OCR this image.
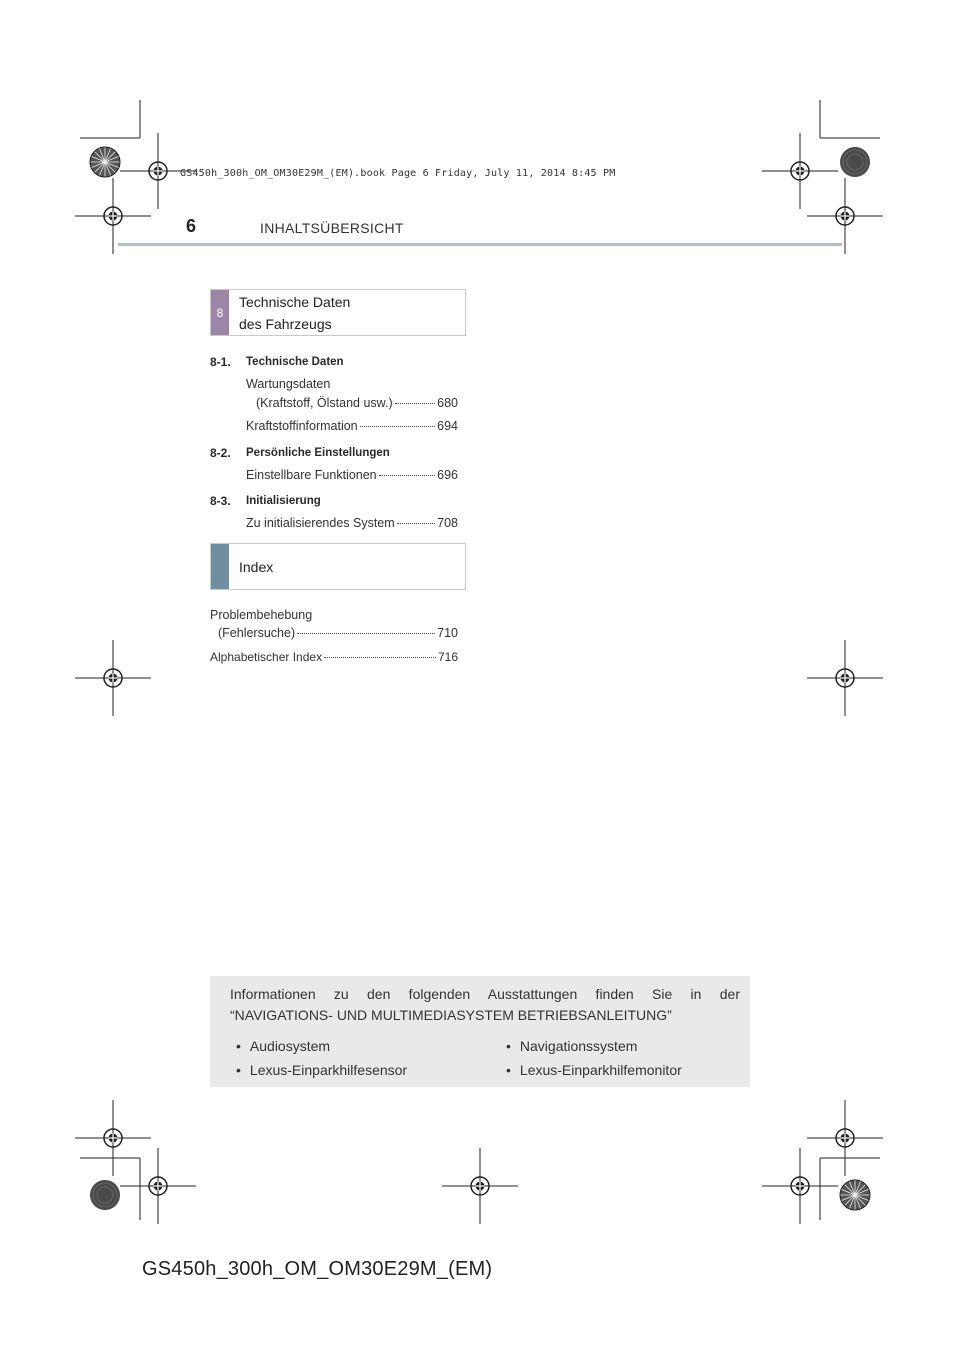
GS450h_300h_OM_OM30E29M_(EM).book Page 6 Friday, July 11, 2014 8:45 PM
6	INHALTSÜBERSICHT
8
Technische Daten
des Fahrzeugs
8-1. Technische Daten
Wartungsdaten
(Kraftstoff, Ölstand usw.)	680
Kraftstoffinformation	694
8-2. Persönliche Einstellungen
Einstellbare Funktionen	696
8-3. Initialisierung
Zu initialisierendes System	708
Index
Problembehebung
(Fehlersuche)	710
Alphabetischer Index	716
Informationen zu den folgenden Ausstattungen finden Sie in der
“NAVIGATIONS- UND MULTIMEDIASYSTEM BETRIEBSANLEITUNG”
• Audiosystem	• Navigationssystem
• Lexus-Einparkhilfesensor	• Lexus-Einparkhilfemonitor
GS450h_300h_OM_OM30E29M_(EM)
